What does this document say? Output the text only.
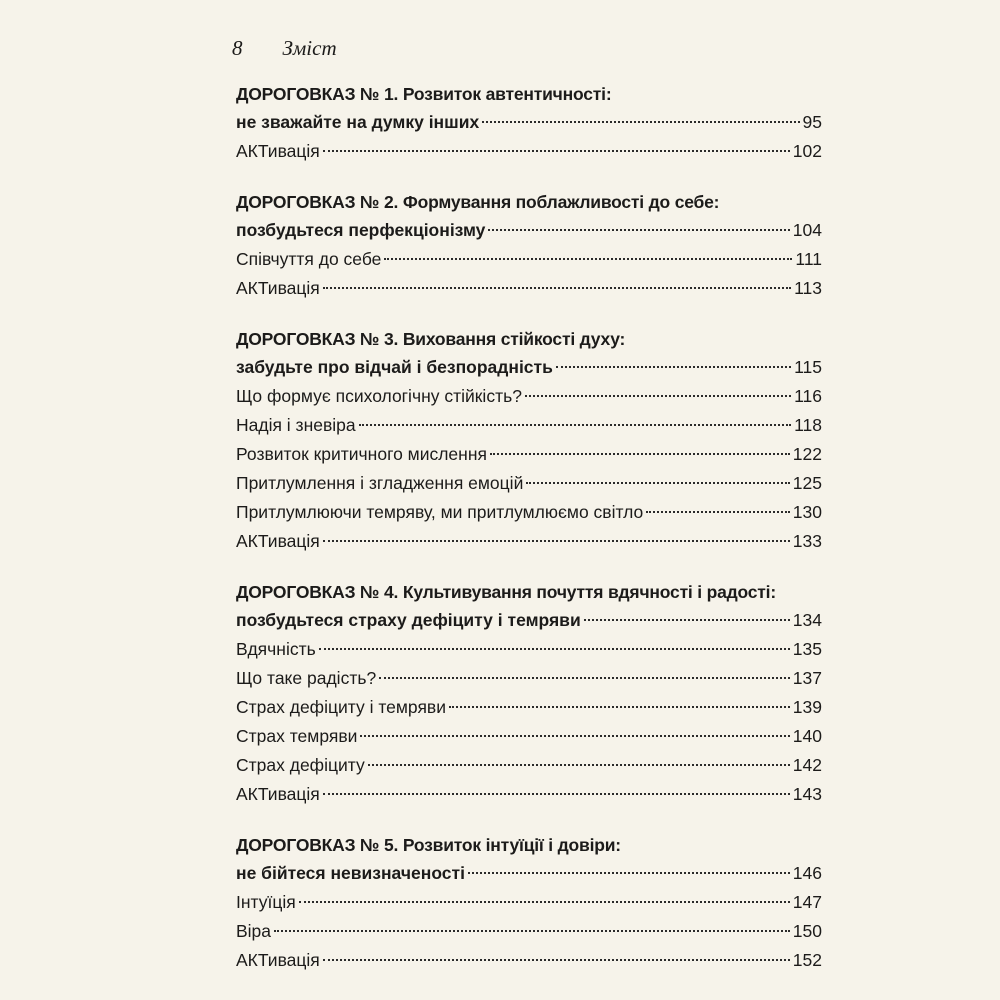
8 Зміст
ДОРОГОВКАЗ № 1. Розвиток автентичності:
не зважайте на думку інших	95
АКТивація	102
ДОРОГОВКАЗ № 2. Формування поблажливості до себе:
позбудьтеся перфекціонізму	104
Співчуття до себе	111
АКТивація	113
ДОРОГОВКАЗ № 3. Виховання стійкості духу:
забудьте про відчай і безпорадність	115
Що формує психологічну стійкість?	116
Надія і зневіра	118
Розвиток критичного мислення	122
Притлумлення і згладження емоцій	125
Притлумлюючи темряву, ми притлумлюємо світло	130
АКТивація	133
ДОРОГОВКАЗ № 4. Культивування почуття вдячності і радості:
позбудьтеся страху дефіциту і темряви	134
Вдячність	135
Що таке радість?	137
Страх дефіциту і темряви	139
Страх темряви	140
Страх дефіциту	142
АКТивація	143
ДОРОГОВКАЗ № 5. Розвиток інтуїції і довіри:
не бійтеся невизначеності	146
Інтуїція	147
Віра	150
АКТивація	152
